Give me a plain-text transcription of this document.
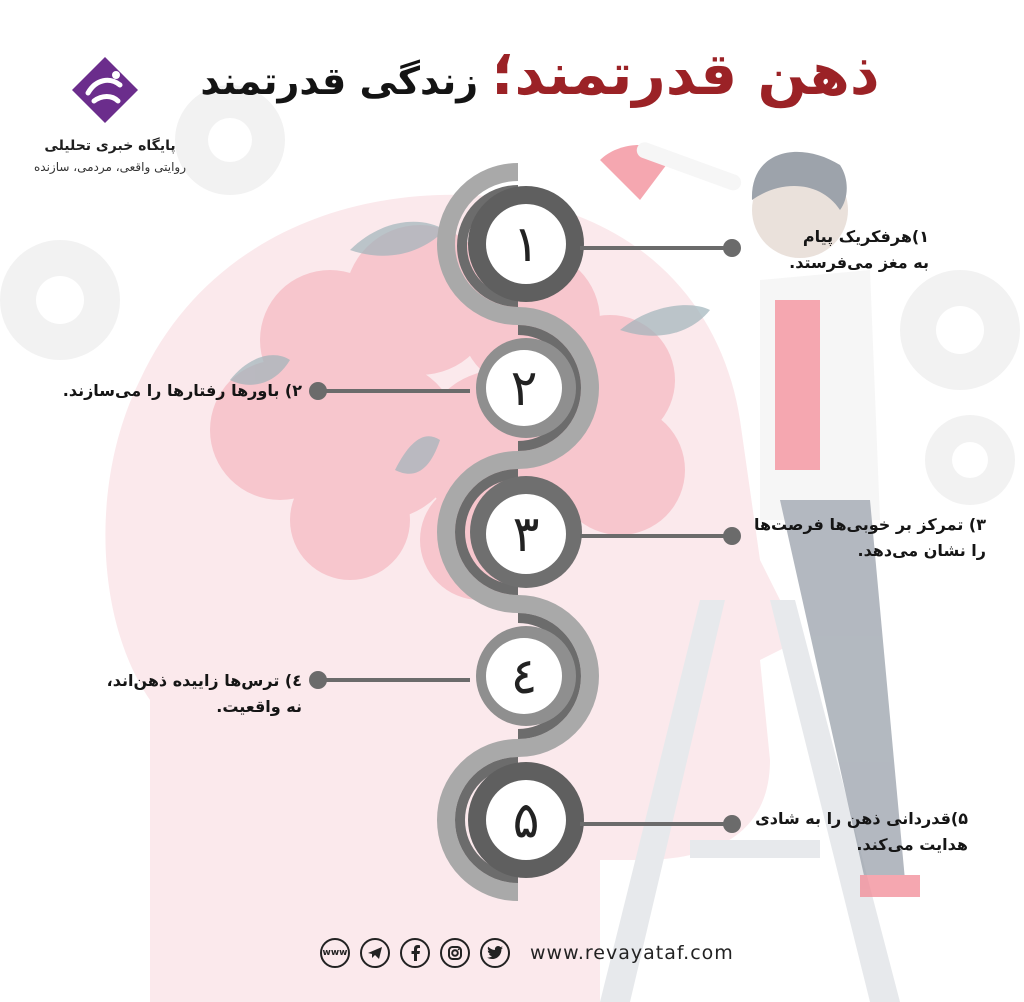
پایگاه خبری تحلیلی
روایتی واقعی، مردمی، سازنده
ذهن قدرتمند؛ زندگی قدرتمند
۱
۲
۳
٤
۵
۱)هرفکریک پیام
به مغز می‌فرستد.
۲) باورها رفتارها را می‌سازند.
۳) تمرکز بر خوبی‌ها فرصت‌ها
را نشان می‌دهد.
٤) ترس‌ها زاییده ذهن‌اند،
نه واقعیت.
۵)قدردانی ذهن را به شادی
هدایت می‌کند.
www	www.revayataf.com
